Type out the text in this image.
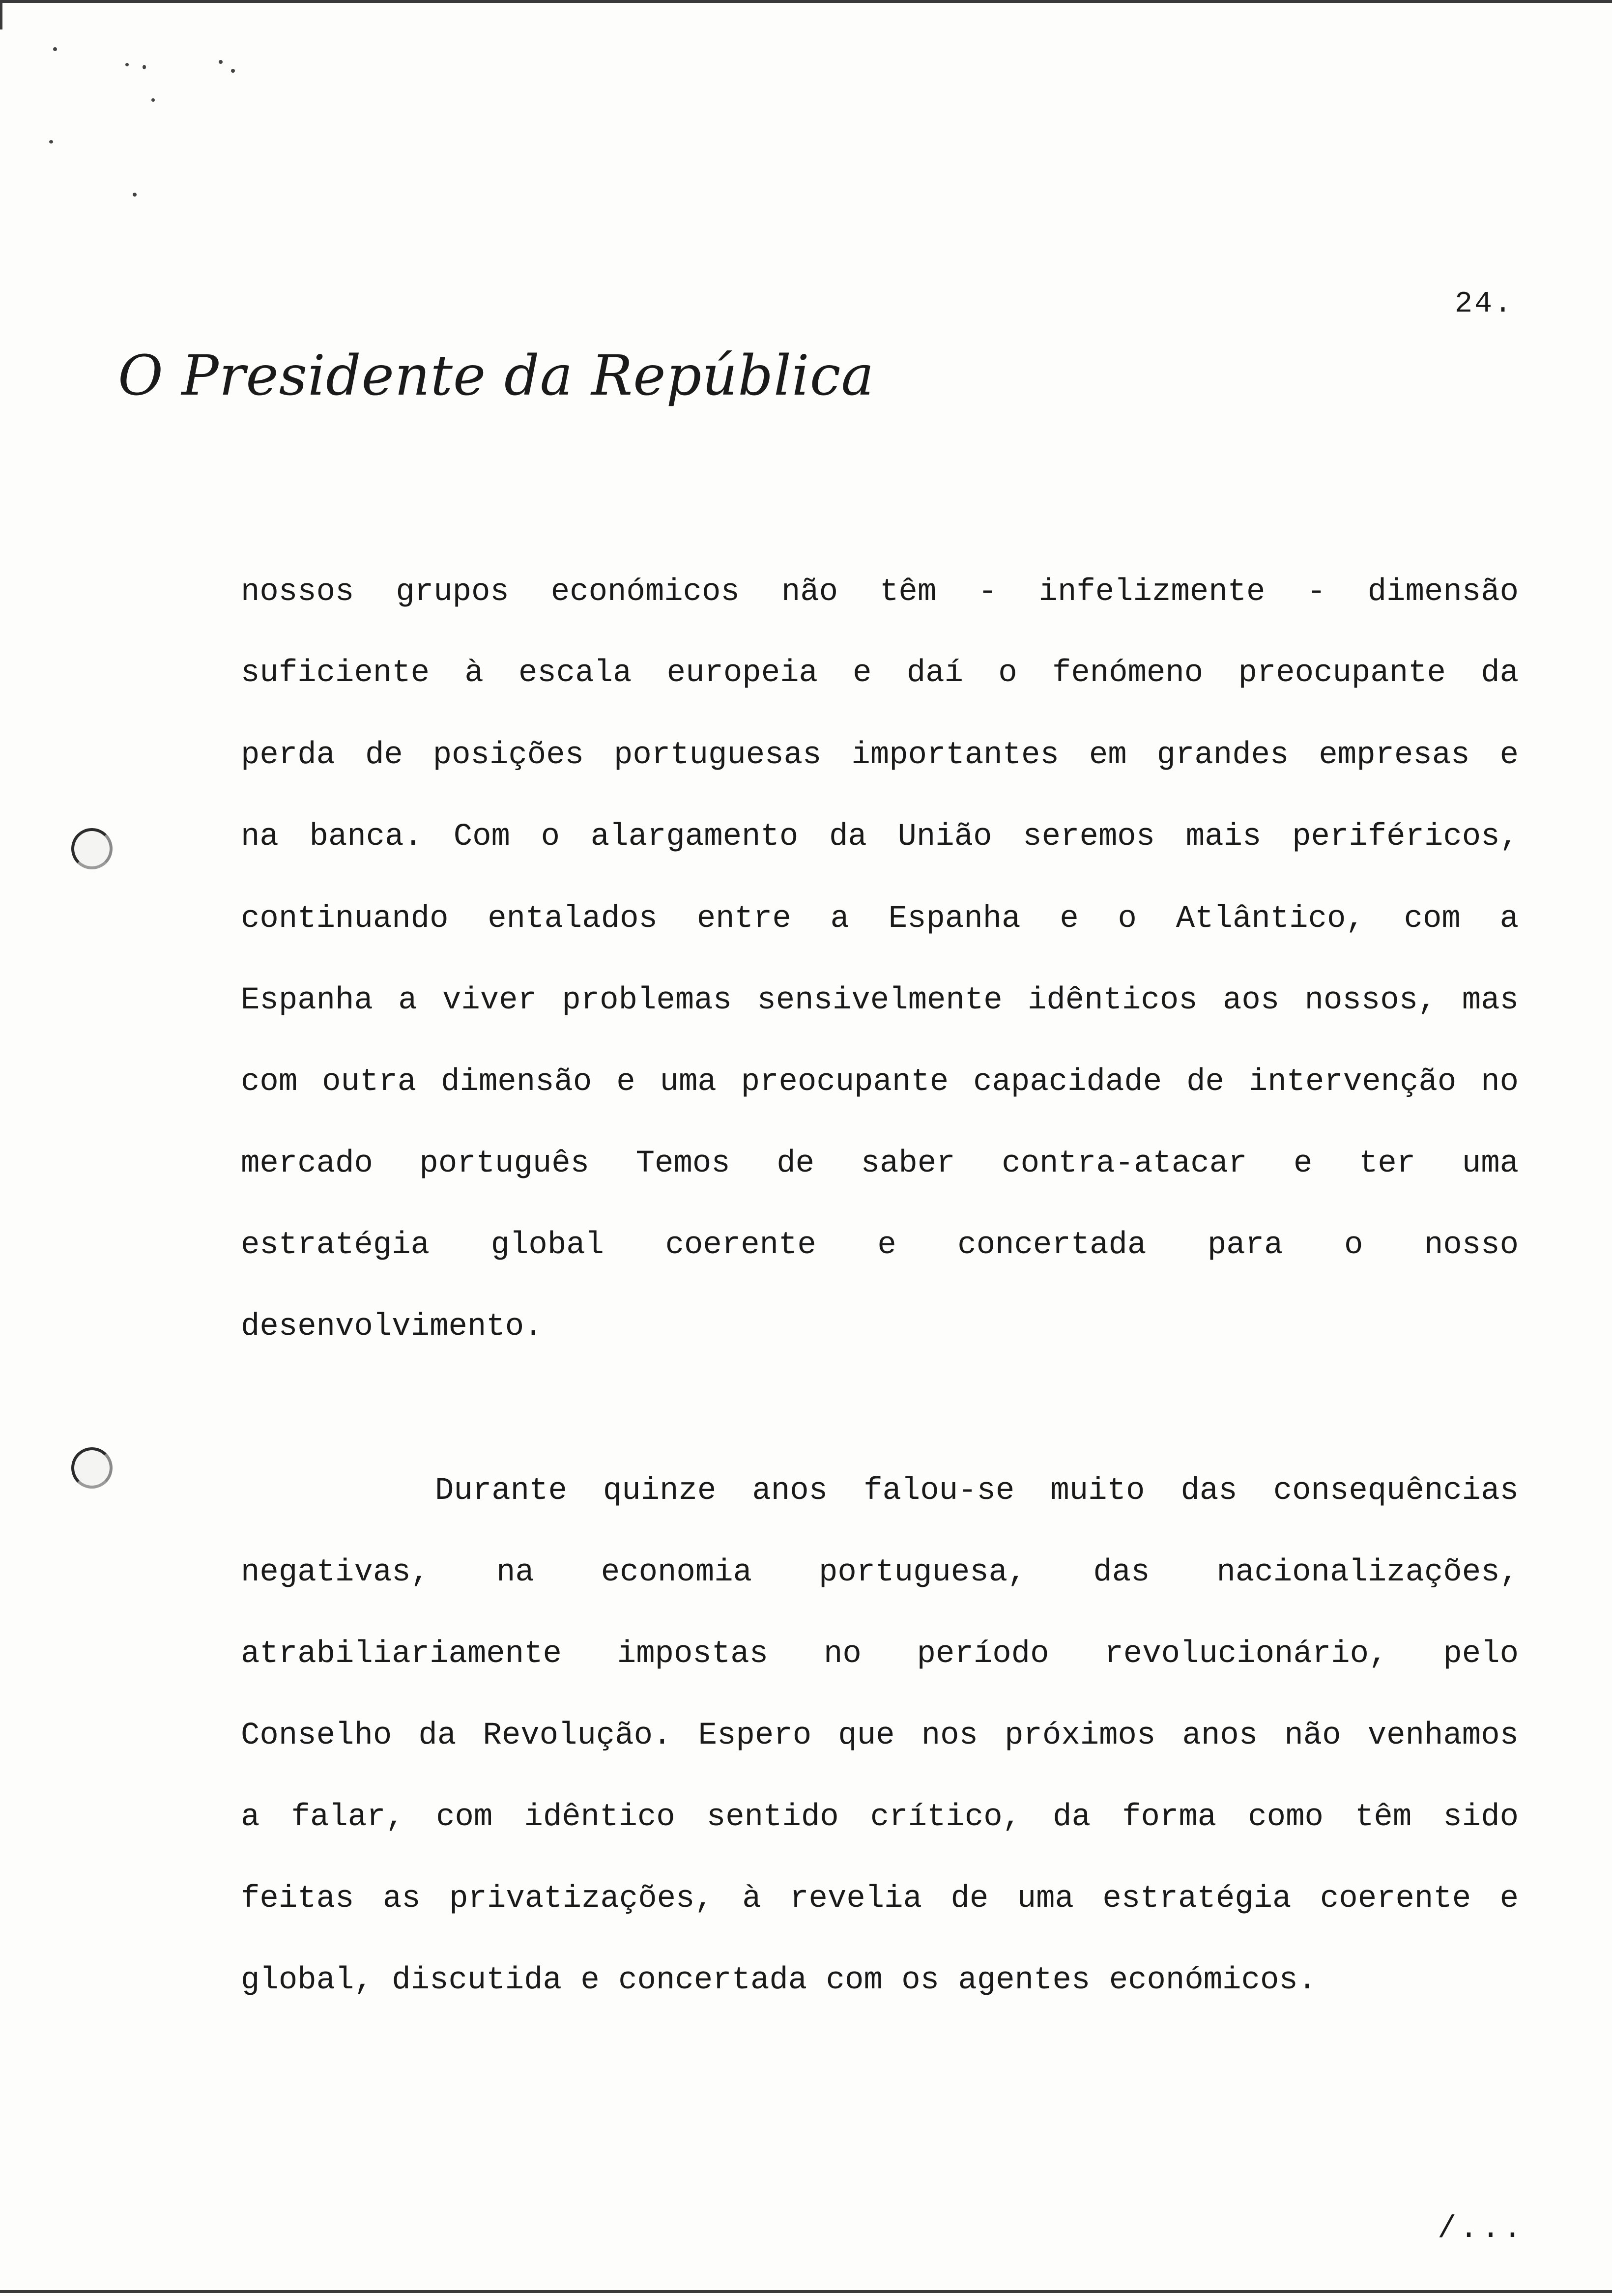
24.
O Presidente da República
nossos grupos económicos não têm - infelizmente - dimensão
suficiente à escala europeia e daí o fenómeno preocupante da
perda de posições portuguesas importantes em grandes empresas e
na banca. Com o alargamento da União seremos mais periféricos,
continuando entalados entre a Espanha e o Atlântico, com a
Espanha a viver problemas sensivelmente idênticos aos nossos, mas
com outra dimensão e uma preocupante capacidade de intervenção no
mercado português Temos de saber contra-atacar e ter uma
estratégia global coerente e concertada para o nosso
desenvolvimento.
Durante quinze anos falou-se muito das consequências
negativas, na economia portuguesa, das nacionalizações,
atrabiliariamente impostas no período revolucionário, pelo
Conselho da Revolução. Espero que nos próximos anos não venhamos
a falar, com idêntico sentido crítico, da forma como têm sido
feitas as privatizações, à revelia de uma estratégia coerente e
global, discutida e concertada com os agentes económicos.
/...
